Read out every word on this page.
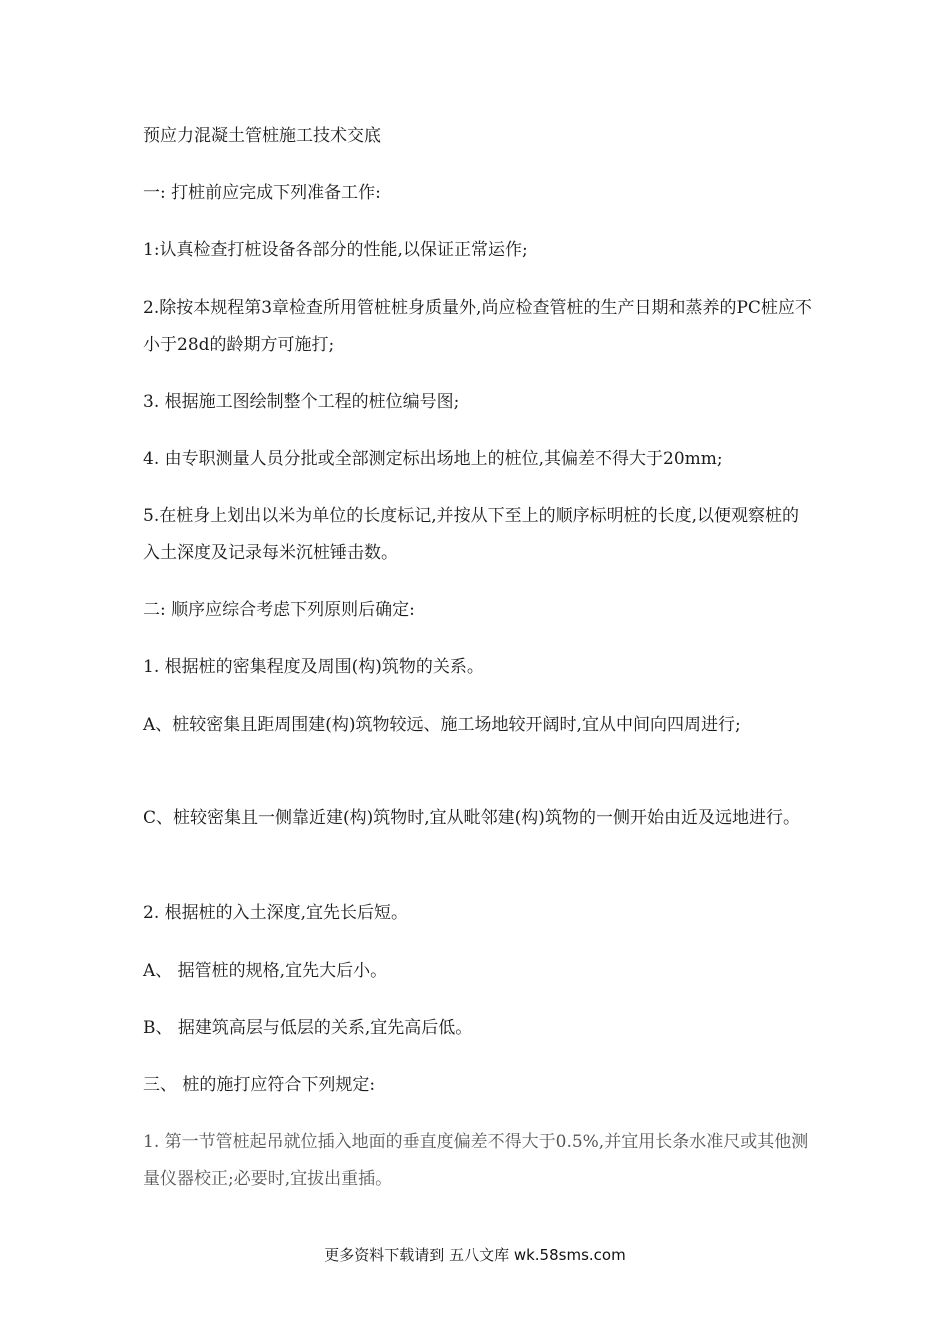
预应力混凝土管桩施工技术交底
一: 打桩前应完成下列准备工作:
1:认真检查打桩设备各部分的性能,以保证正常运作;
2.除按本规程第3章检查所用管桩桩身质量外,尚应检查管桩的生产日期和蒸养的PC桩应不小于28d的龄期方可施打;
3. 根据施工图绘制整个工程的桩位编号图;
4. 由专职测量人员分批或全部测定标出场地上的桩位,其偏差不得大于20mm;
5.在桩身上划出以米为单位的长度标记,并按从下至上的顺序标明桩的长度,以便观察桩的入土深度及记录每米沉桩锤击数。
二: 顺序应综合考虑下列原则后确定:
1. 根据桩的密集程度及周围(构)筑物的关系。
A、桩较密集且距周围建(构)筑物较远、施工场地较开阔时,宜从中间向四周进行;
C、桩较密集且一侧靠近建(构)筑物时,宜从毗邻建(构)筑物的一侧开始由近及远地进行。
2. 根据桩的入土深度,宜先长后短。
A、 据管桩的规格,宜先大后小。
B、 据建筑高层与低层的关系,宜先高后低。
三、 桩的施打应符合下列规定:
1. 第一节管桩起吊就位插入地面的垂直度偏差不得大于0.5%,并宜用长条水准尺或其他测量仪器校正;必要时,宜拔出重插。
更多资料下载请到 五八文库 wk.58sms.com
